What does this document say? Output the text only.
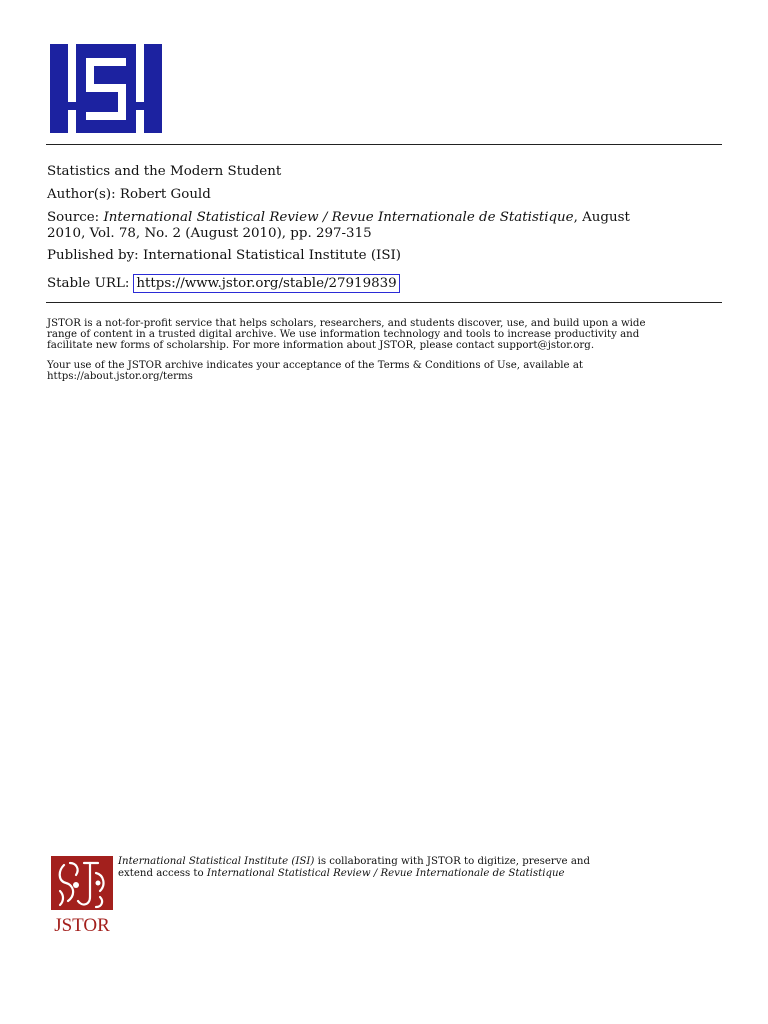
Statistics and the Modern Student
Author(s): Robert Gould
Source: International Statistical Review / Revue Internationale de Statistique, August
2010, Vol. 78, No. 2 (August 2010), pp. 297-315
Published by: International Statistical Institute (ISI)
Stable URL: https://www.jstor.org/stable/27919839
JSTOR is a not-for-profit service that helps scholars, researchers, and students discover, use, and build upon a wide
range of content in a trusted digital archive. We use information technology and tools to increase productivity and
facilitate new forms of scholarship. For more information about JSTOR, please contact support@jstor.org.
Your use of the JSTOR archive indicates your acceptance of the Terms & Conditions of Use, available at
https://about.jstor.org/terms
JSTOR
International Statistical Institute (ISI) is collaborating with JSTOR to digitize, preserve and
extend access to International Statistical Review / Revue Internationale de Statistique
